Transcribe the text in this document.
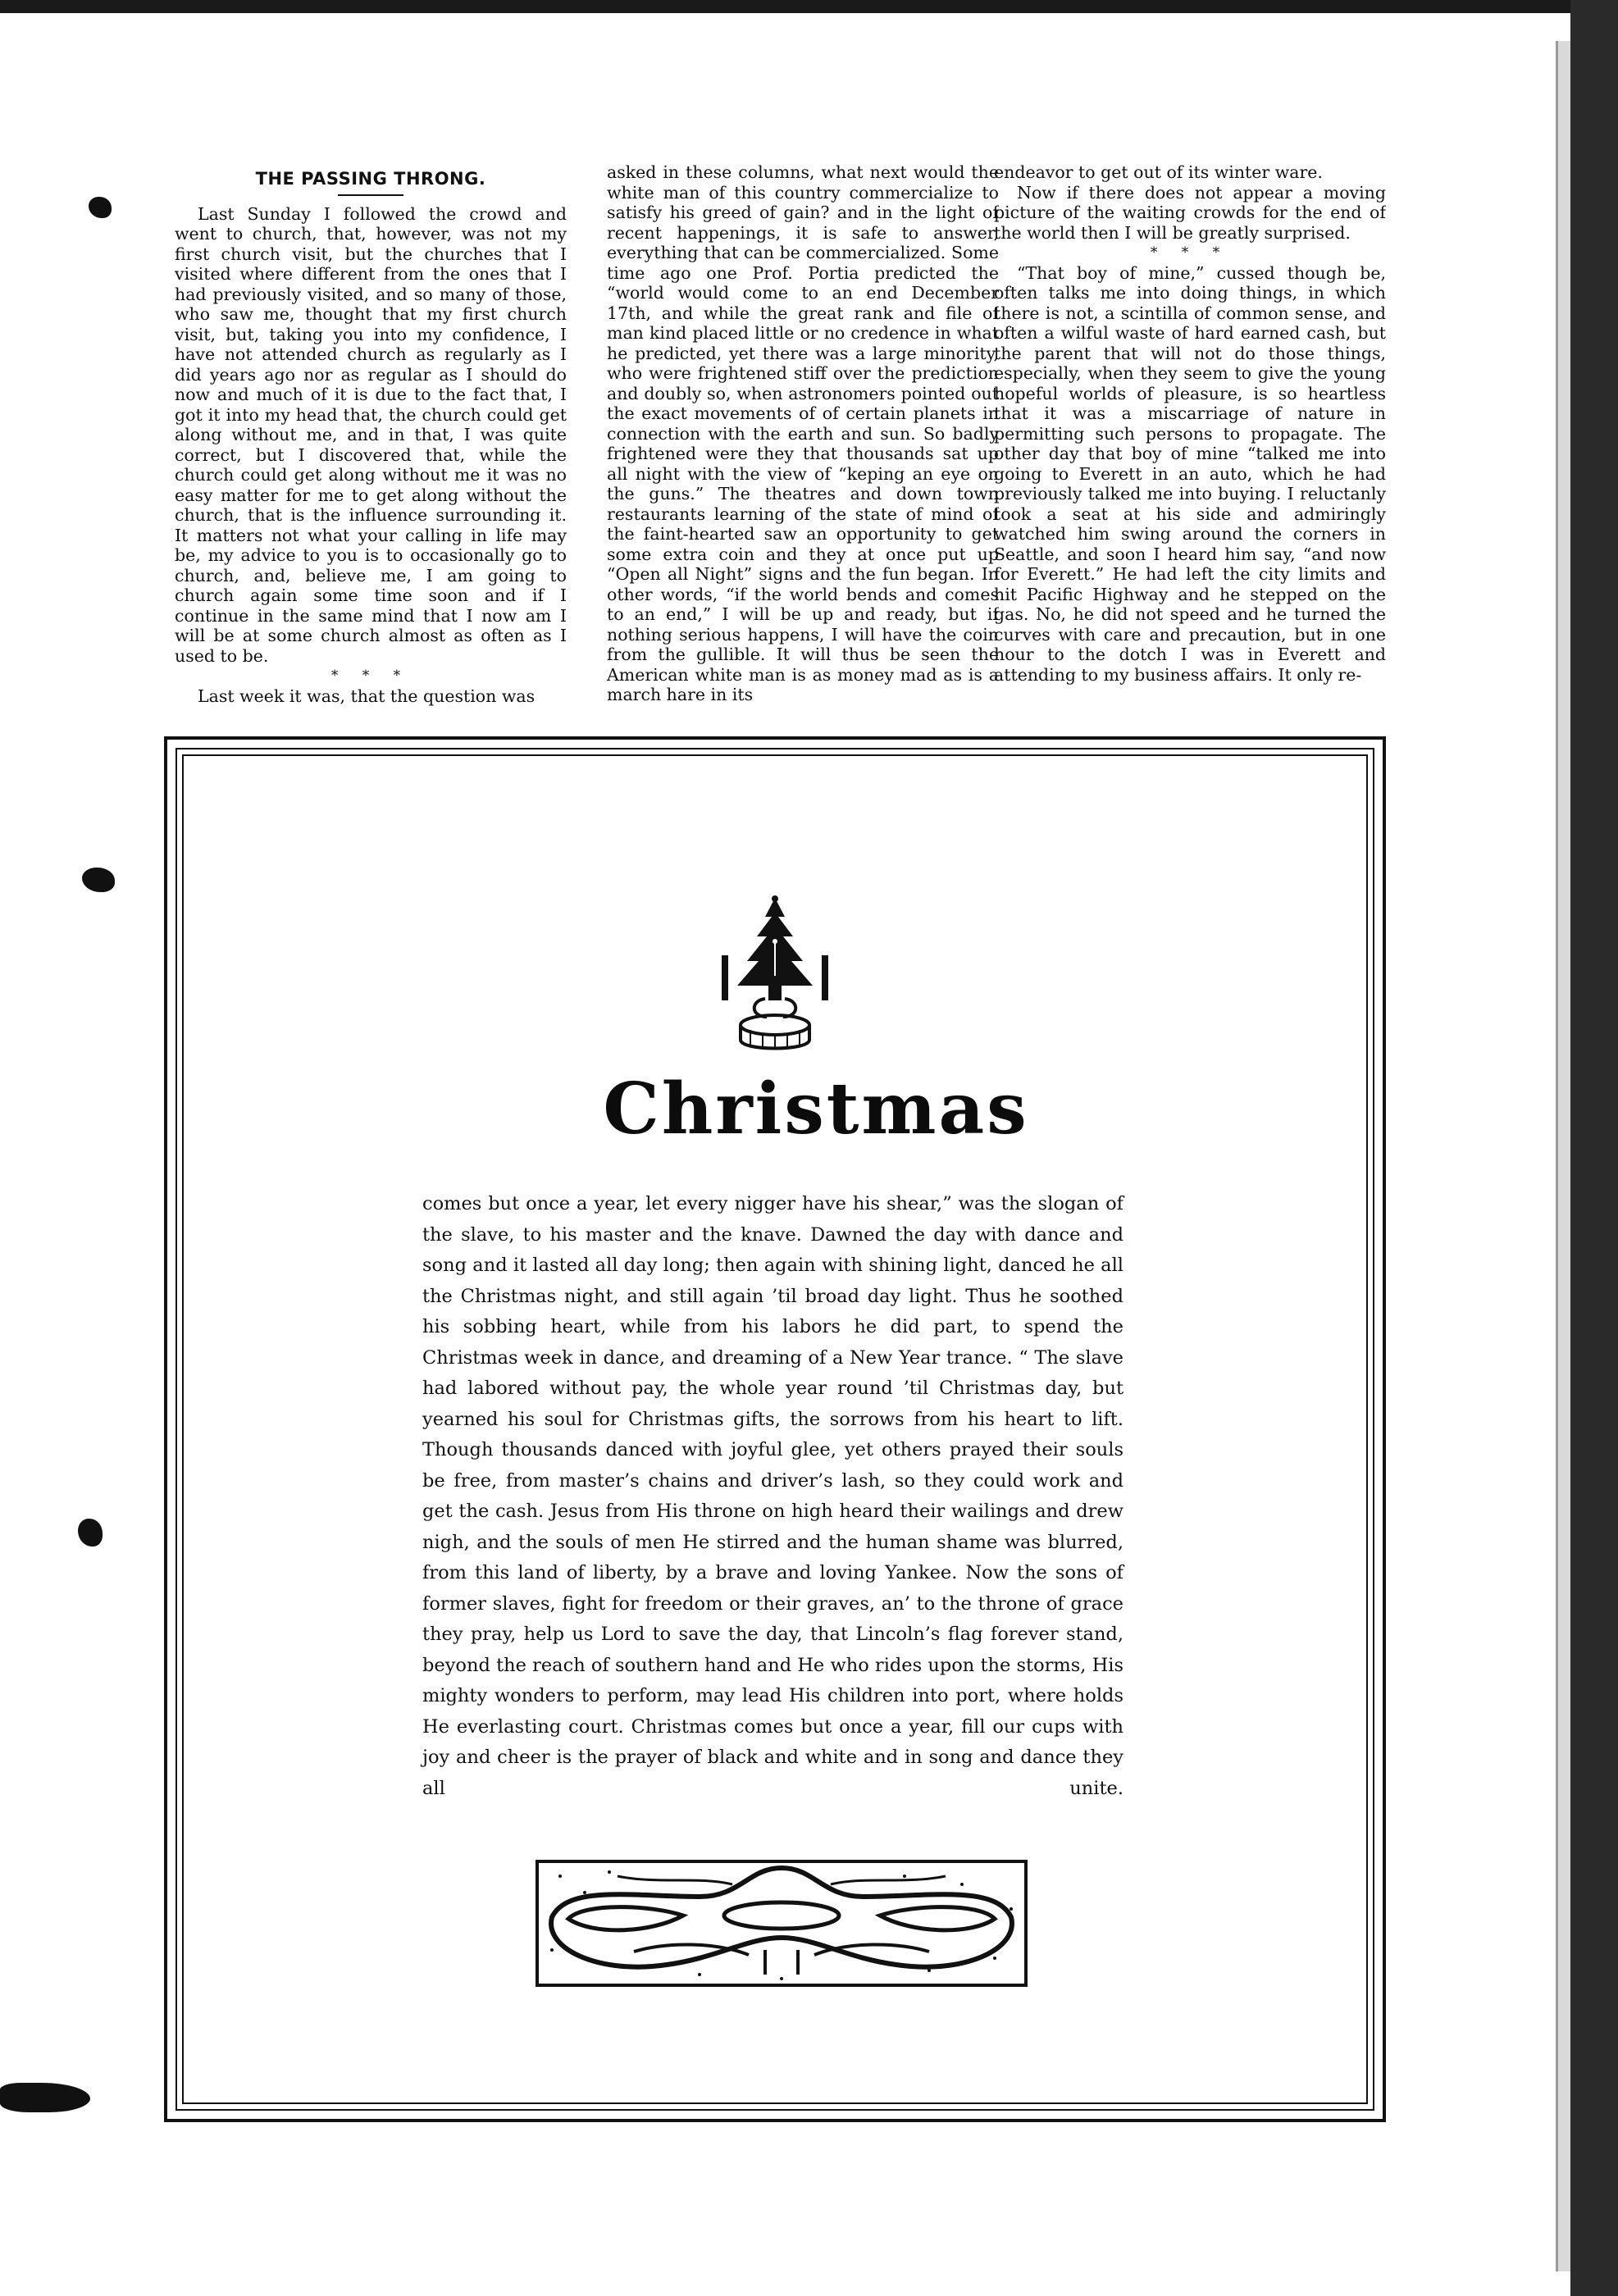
THE PASSING THRONG.

Last Sunday I followed the crowd and went to church, that, however, was not my first church visit, but the churches that I visited where different from the ones that I had previously visited, and so many of those, who saw me, thought that my first church visit, but, taking you into my confidence, I have not attended church as regularly as I did years ago nor as regular as I should do now and much of it is due to the fact that, I got it into my head that, the church could get along without me, and in that, I was quite correct, but I discovered that, while the church could get along without me it was no easy matter for me to get along without the church, that is the influence surrounding it. It matters not what your calling in life may be, my advice to you is to occasionally go to church, and, believe me, I am going to church again some time soon and if I continue in the same mind that I now am I will be at some church almost as often as I used to be.

* * *

Last week it was, that the question was

asked in these columns, what next would the white man of this country commercialize to satisfy his greed of gain? and in the light of recent happenings, it is safe to answer, everything that can be commercialized. Some time ago one Prof. Portia predicted the “world would come to an end December 17th, and while the great rank and file of man kind placed little or no credence in what he predicted, yet there was a large minority, who were frightened stiff over the prediction and doubly so, when astronomers pointed out the exact movements of of certain planets in connection with the earth and sun. So badly frightened were they that thousands sat up all night with the view of “keping an eye on the guns.” The theatres and down town restaurants learning of the state of mind of the faint-hearted saw an opportunity to get some extra coin and they at once put up “Open all Night” signs and the fun began. In other words, “if the world bends and comes to an end,” I will be up and ready, but if nothing serious happens, I will have the coin from the gullible. It will thus be seen the American white man is as money mad as is a march hare in its

endeavor to get out of its winter ware.

Now if there does not appear a moving picture of the waiting crowds for the end of the world then I will be greatly surprised.

* * *

“That boy of mine,” cussed though be, often talks me into doing things, in which there is not, a scintilla of common sense, and often a wilful waste of hard earned cash, but the parent that will not do those things, especially, when they seem to give the young hopeful worlds of pleasure, is so heartless that it was a miscarriage of nature in permitting such persons to propagate. The other day that boy of mine “talked me into going to Everett in an auto, which he had previously talked me into buying. I reluctanly took a seat at his side and admiringly watched him swing around the corners in Seattle, and soon I heard him say, “and now for Everett.” He had left the city limits and hit Pacific Highway and he stepped on the gas. No, he did not speed and he turned the curves with care and precaution, but in one hour to the dotch I was in Everett and attending to my business affairs. It only re-

Christmas

comes but once a year, let every nigger have his shear,” was the slogan of the slave, to his master and the knave. Dawned the day with dance and song and it lasted all day long; then again with shining light, danced he all the Christmas night, and still again ’til broad day light. Thus he soothed his sobbing heart, while from his labors he did part, to spend the Christmas week in dance, and dreaming of a New Year trance. “ The slave had labored without pay, the whole year round ’til Christmas day, but yearned his soul for Christmas gifts, the sorrows from his heart to lift. Though thousands danced with joyful glee, yet others prayed their souls be free, from master’s chains and driver’s lash, so they could work and get the cash. Jesus from His throne on high heard their wailings and drew nigh, and the souls of men He stirred and the human shame was blurred, from this land of liberty, by a brave and loving Yankee. Now the sons of former slaves, fight for freedom or their graves, an’ to the throne of grace they pray, help us Lord to save the day, that Lincoln’s flag forever stand, beyond the reach of southern hand and He who rides upon the storms, His mighty wonders to perform, may lead His children into port, where holds He everlasting court. Christmas comes but once a year, fill our cups with joy and cheer is the prayer of black and white and in song and dance they all unite.
